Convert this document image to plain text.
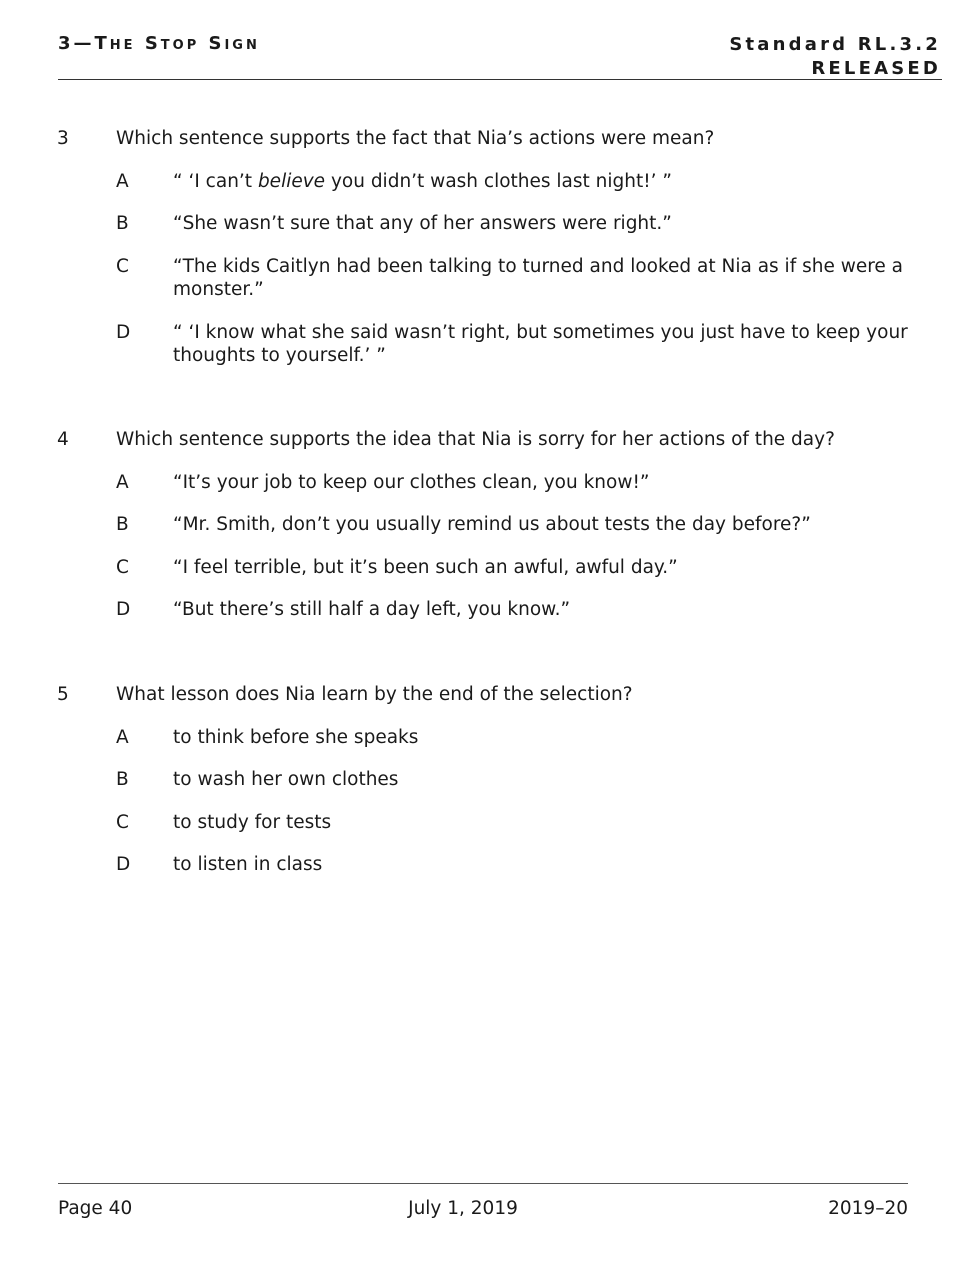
3—The Stop Sign	Standard RL.3.2
RELEASED
3	Which sentence supports the fact that Nia’s actions were mean?
A “ ‘I can’t believe you didn’t wash clothes last night!’ ”
B “She wasn’t sure that any of her answers were right.”
C “The kids Caitlyn had been talking to turned and looked at Nia as if she were a monster.”
D “ ‘I know what she said wasn’t right, but sometimes you just have to keep your thoughts to yourself.’ ”
4	Which sentence supports the idea that Nia is sorry for her actions of the day?
A “It’s your job to keep our clothes clean, you know!”
B “Mr. Smith, don’t you usually remind us about tests the day before?”
C “I feel terrible, but it’s been such an awful, awful day.”
D “But there’s still half a day left, you know.”
5	What lesson does Nia learn by the end of the selection?
A to think before she speaks
B to wash her own clothes
C to study for tests
D to listen in class
Page 40	July 1, 2019	2019–20
